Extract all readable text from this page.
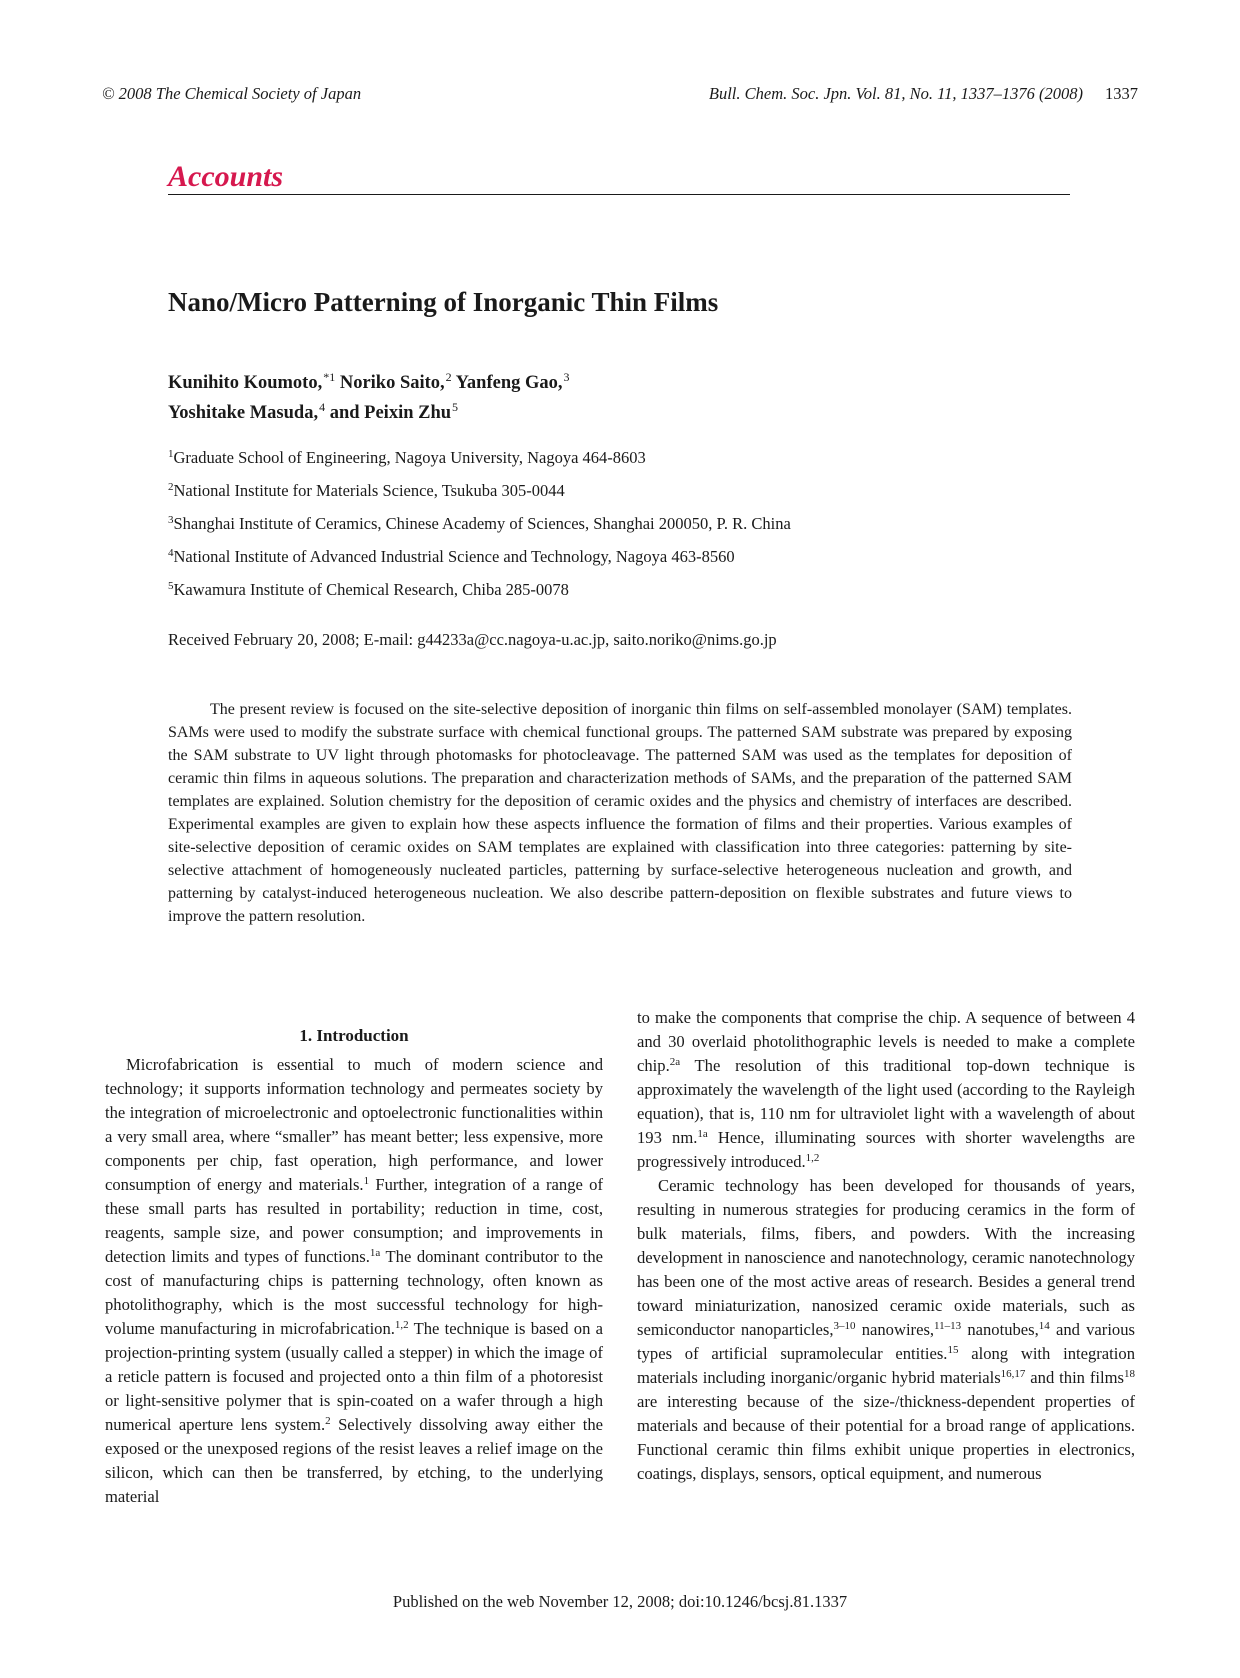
© 2008 The Chemical Society of Japan	Bull. Chem. Soc. Jpn. Vol. 81, No. 11, 1337–1376 (2008) 1337
Accounts
Nano/Micro Patterning of Inorganic Thin Films
Kunihito Koumoto,$^{*1}$ Noriko Saito,$^2$ Yanfeng Gao,$^3$
Yoshitake Masuda,$^4$ and Peixin Zhu$^5$
$^1$Graduate School of Engineering, Nagoya University, Nagoya 464-8603
$^2$National Institute for Materials Science, Tsukuba 305-0044
$^3$Shanghai Institute of Ceramics, Chinese Academy of Sciences, Shanghai 200050, P. R. China
$^4$National Institute of Advanced Industrial Science and Technology, Nagoya 463-8560
$^5$Kawamura Institute of Chemical Research, Chiba 285-0078
Received February 20, 2008; E-mail: g44233a@cc.nagoya-u.ac.jp, saito.noriko@nims.go.jp

The present review is focused on the site-selective deposition of inorganic thin films on self-assembled monolayer (SAM) templates. SAMs were used to modify the substrate surface with chemical functional groups. The patterned SAM substrate was prepared by exposing the SAM substrate to UV light through photomasks for photocleavage. The patterned SAM was used as the templates for deposition of ceramic thin films in aqueous solutions. The preparation and characterization methods of SAMs, and the preparation of the patterned SAM templates are explained. Solution chemistry for the deposition of ceramic oxides and the physics and chemistry of interfaces are described. Experimental examples are given to explain how these aspects influence the formation of films and their properties. Various examples of site-selective deposition of ceramic oxides on SAM templates are explained with classification into three categories: patterning by site-selective attachment of homogeneously nucleated particles, patterning by surface-selective heterogeneous nucleation and growth, and patterning by catalyst-induced heterogeneous nucleation. We also describe pattern-deposition on flexible substrates and future views to improve the pattern resolution.

1. Introduction

Microfabrication is essential to much of modern science and technology; it supports information technology and permeates society by the integration of microelectronic and optoelectronic functionalities within a very small area, where “smaller” has meant better; less expensive, more components per chip, fast operation, high performance, and lower consumption of energy and materials.$^1$ Further, integration of a range of these small parts has resulted in portability; reduction in time, cost, reagents, sample size, and power consumption; and improvements in detection limits and types of functions.$^{1a}$ The dominant contributor to the cost of manufacturing chips is patterning technology, often known as photolithography, which is the most successful technology for high-volume manufacturing in microfabrication.$^{1,2}$ The technique is based on a projection-printing system (usually called a stepper) in which the image of a reticle pattern is focused and projected onto a thin film of a photoresist or light-sensitive polymer that is spin-coated on a wafer through a high numerical aperture lens system.$^2$ Selectively dissolving away either the exposed or the unexposed regions of the resist leaves a relief image on the silicon, which can then be transferred, by etching, to the underlying material

to make the components that comprise the chip. A sequence of between 4 and 30 overlaid photolithographic levels is needed to make a complete chip.$^{2a}$ The resolution of this traditional top-down technique is approximately the wavelength of the light used (according to the Rayleigh equation), that is, 110 nm for ultraviolet light with a wavelength of about 193 nm.$^{1a}$ Hence, illuminating sources with shorter wavelengths are progressively introduced.$^{1,2}$

Ceramic technology has been developed for thousands of years, resulting in numerous strategies for producing ceramics in the form of bulk materials, films, fibers, and powders. With the increasing development in nanoscience and nanotechnology, ceramic nanotechnology has been one of the most active areas of research. Besides a general trend toward miniaturization, nanosized ceramic oxide materials, such as semiconductor nanoparticles,$^{3-10}$ nanowires,$^{11-13}$ nanotubes,$^{14}$ and various types of artificial supramolecular entities.$^{15}$ along with integration materials including inorganic/organic hybrid materials$^{16,17}$ and thin films$^{18}$ are interesting because of the size-/thickness-dependent properties of materials and because of their potential for a broad range of applications. Functional ceramic thin films exhibit unique properties in electronics, coatings, displays, sensors, optical equipment, and numerous

Published on the web November 12, 2008; doi:10.1246/bcsj.81.1337
